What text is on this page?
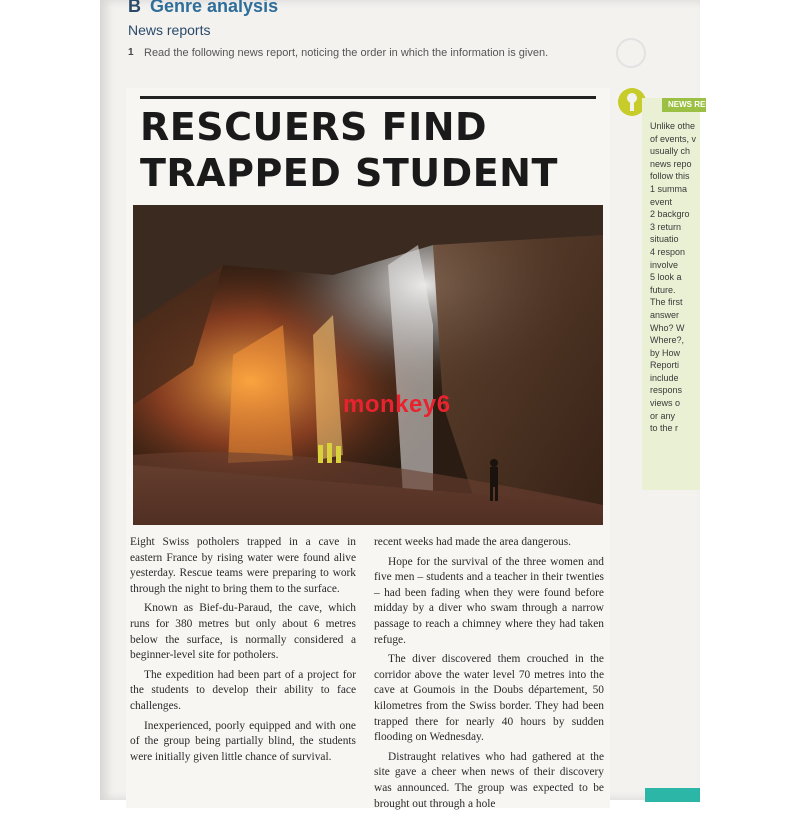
B Genre analysis
News reports
1 Read the following news report, noticing the order in which the information is given.
RESCUERS FIND
TRAPPED STUDENT
monkey6

Eight Swiss potholers trapped in a cave in eastern France by rising water were found alive yesterday. Rescue teams were preparing to work through the night to bring them to the surface.

Known as Bief-du-Paraud, the cave, which runs for 380 metres but only about 6 metres below the surface, is normally considered a beginner-level site for potholers.

The expedition had been part of a project for the students to develop their ability to face challenges.

Inexperienced, poorly equipped and with one of the group being partially blind, the students were initially given little chance of survival.

recent weeks had made the area dangerous.

Hope for the survival of the three women and five men – students and a teacher in their twenties – had been fading when they were found before midday by a diver who swam through a narrow passage to reach a chimney where they had taken refuge.

The diver discovered them crouched in the corridor above the water level 70 metres into the cave at Goumois in the Doubs département, 50 kilometres from the Swiss border. They had been trapped there for nearly 40 hours by sudden flooding on Wednesday.

Distraught relatives who had gathered at the site gave a cheer when news of their discovery was announced. The group was expected to be brought out through a hole

NEWS REPO
Unlike othe
of events, v
usually ch
news repo
follow this
1 summa
event
2 backgro
3 return
situatio
4 respon
involve
5 look a
future.
The first
answer
Who? W
Where?,
by How
Reporti
include
respons
views o
or any
to the r
